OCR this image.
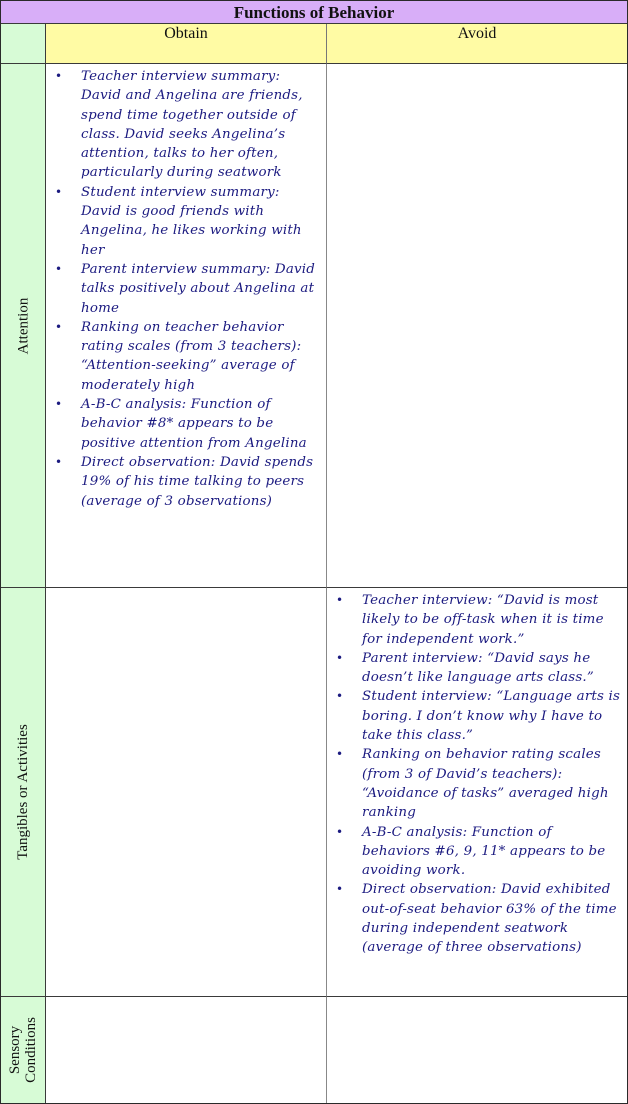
Functions of Behavior
Obtain	Avoid
Attention
• Teacher interview summary: David and Angelina are friends, spend time together outside of class. David seeks Angelina’s attention, talks to her often, particularly during seatwork
• Student interview summary: David is good friends with Angelina, he likes working with her
• Parent interview summary: David talks positively about Angelina at home
• Ranking on teacher behavior rating scales (from 3 teachers): “Attention-seeking” average of moderately high
• A-B-C analysis: Function of behavior #8* appears to be positive attention from Angelina
• Direct observation: David spends 19% of his time talking to peers (average of 3 observations)
Tangibles or Activities
• Teacher interview: “David is most likely to be off-task when it is time for independent work.”
• Parent interview: “David says he doesn’t like language arts class.”
• Student interview: “Language arts is boring. I don’t know why I have to take this class.”
• Ranking on behavior rating scales (from 3 of David’s teachers): “Avoidance of tasks” averaged high ranking
• A-B-C analysis: Function of behaviors #6, 9, 11* appears to be avoiding work.
• Direct observation: David exhibited out-of-seat behavior 63% of the time during independent seatwork (average of three observations)
Sensory Conditions
